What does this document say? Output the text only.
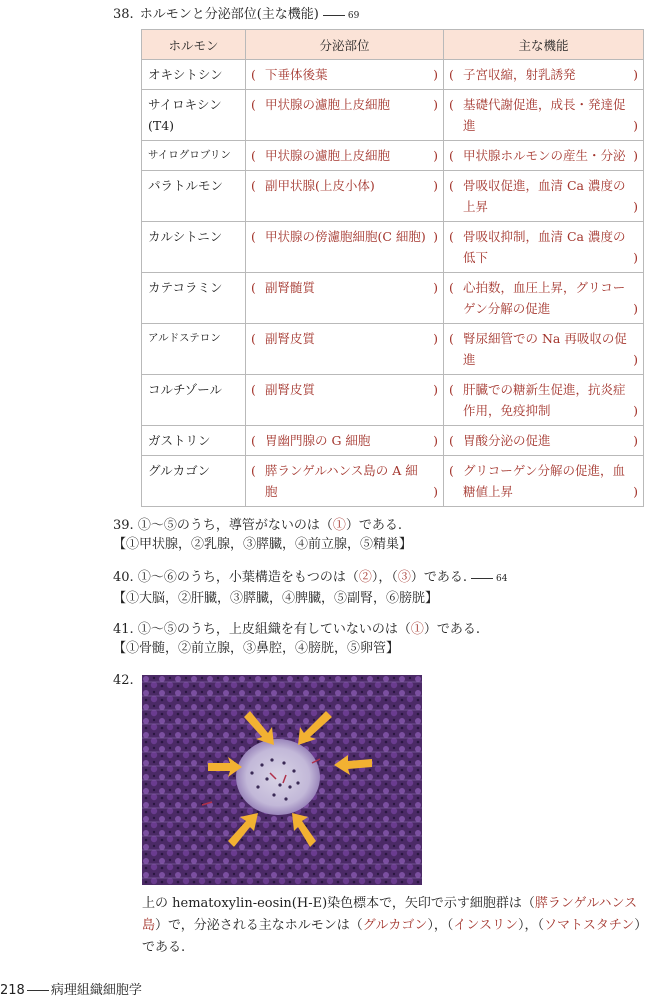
38. ホルモンと分泌部位(主な機能)	69
ホルモン	分泌部位	主な機能
オキシトシン	( 下垂体後葉 )	( 子宮収縮，射乳誘発 )

サイロキシン(T4)	( 甲状腺の濾胞上皮細胞 )	( 基礎代謝促進，成長・発達促進 )

サイログロブリン	( 甲状腺の濾胞上皮細胞 )	( 甲状腺ホルモンの産生・分泌 )

パラトルモン	( 副甲状腺(上皮小体) )	( 骨吸収促進，血清 Ca 濃度の上昇 )

カルシトニン	( 甲状腺の傍濾胞細胞(C 細胞) )	( 骨吸収抑制，血清 Ca 濃度の低下 )

カテコラミン	( 副腎髄質 )	( 心拍数，血圧上昇，グリコーゲン分解の促進 )

アルドステロン	( 副腎皮質 )	( 腎尿細管での Na 再吸収の促進 )

コルチゾール	( 副腎皮質 )	( 肝臓での糖新生促進，抗炎症作用，免疫抑制 )

ガストリン	( 胃幽門腺の G 細胞 )	( 胃酸分泌の促進 )

グルカゴン	( 膵ランゲルハンス島の A 細胞 )	( グリコーゲン分解の促進，血糖値上昇 )
39. ①〜⑤のうち，導管がないのは（①）である.
【①甲状腺，②乳腺，③膵臓，④前立腺，⑤精巣】
40. ①〜⑥のうち，小葉構造をもつのは（②），（③）である.	64
【①大脳，②肝臓，③膵臓，④脾臓，⑤副腎，⑥膀胱】
41. ①〜⑤のうち，上皮組織を有していないのは（①）である.
【①骨髄，②前立腺，③鼻腔，④膀胱，⑤卵管】
42.
上の hematoxylin-eosin(H-E)染色標本で，矢印で示す細胞群は（膵ランゲルハンス島）で，分泌される主なホルモンは（グルカゴン），（インスリン），（ソマトスタチン）である.
218 病理組織細胞学
